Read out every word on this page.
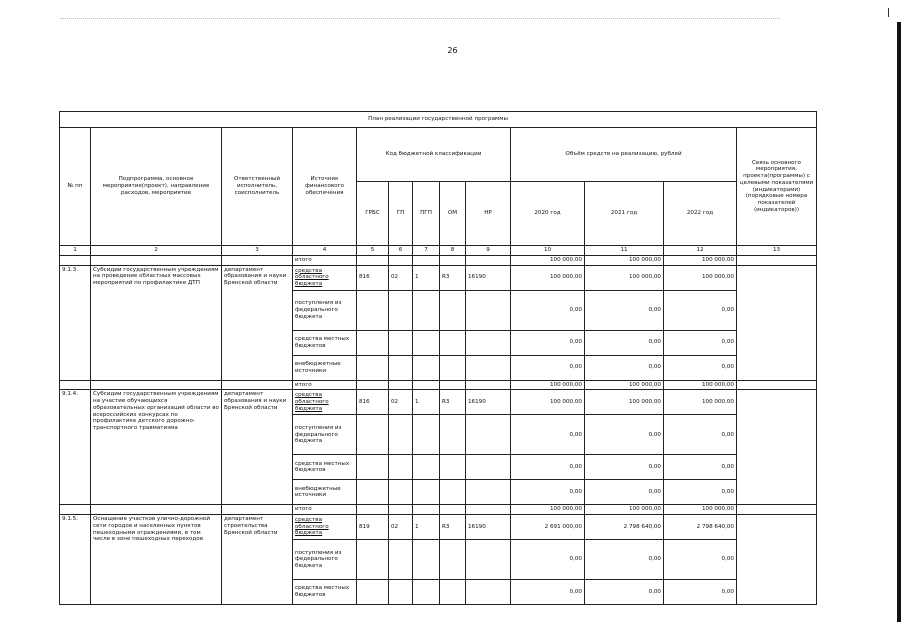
26
План реализации государственной программы												
№ пп	Подпрограмма, основное мероприятие(проект), направление расходов, мероприятие	Ответственный исполнитель, соисполнитель	Источник финансового обеспечения	Код бюджетной классификации					Объём средств на реализацию, рублей			Связь основного мероприятия, проекта(программы) с целевыми показателями (индикаторами) (порядковые номера показателей (индикаторов))
				ГРБС	ГП	ПГП	ОМ	НР	2020 год	2021 год	2022 год	
1	2	3	4	5	6	7	8	9	10	11	12	13
			итого						100 000,00	100 000,00	100 000,00	
9.1.3.	Субсидии государственным учреждениям на проведение областных массовых мероприятий по профилактике ДТП	департамент образования и науки Брянской области	средства областного бюджета	816	02	1	R3	16190	100 000,00	100 000,00	100 000,00	
			поступления из федерального бюджета						0,00	0,00	0,00	
			средства местных бюджетов						0,00	0,00	0,00	
			внебюджетные источники						0,00	0,00	0,00	
			итого						100 000,00	100 000,00	100 000,00	
9.1.4.	Субсидии государственным учреждениям на участие обучающихся образовательных организаций области во всероссийских конкурсах по профилактике детского дорожно-транспортного травматизма	департамент образования и науки Брянской области	средства областного бюджета	816	02	1	R3	16190	100 000,00	100 000,00	100 000,00	
			поступления из федерального бюджета						0,00	0,00	0,00	
			средства местных бюджетов						0,00	0,00	0,00	
			внебюджетные источники						0,00	0,00	0,00	
			итого						100 000,00	100 000,00	100 000,00	
9.1.5.	Оснащение участков улично-дорожной сети городов и населенных пунктов пешеходными ограждениями, в том числе в зоне пешеходных переходов	департамент строительства Брянской области	средства областного бюджета	819	02	1	R3	16190	2 691 000,00	2 798 640,00	2 798 640,00	
			поступления из федерального бюджета						0,00	0,00	0,00	
			средства местных бюджетов						0,00	0,00	0,00	
